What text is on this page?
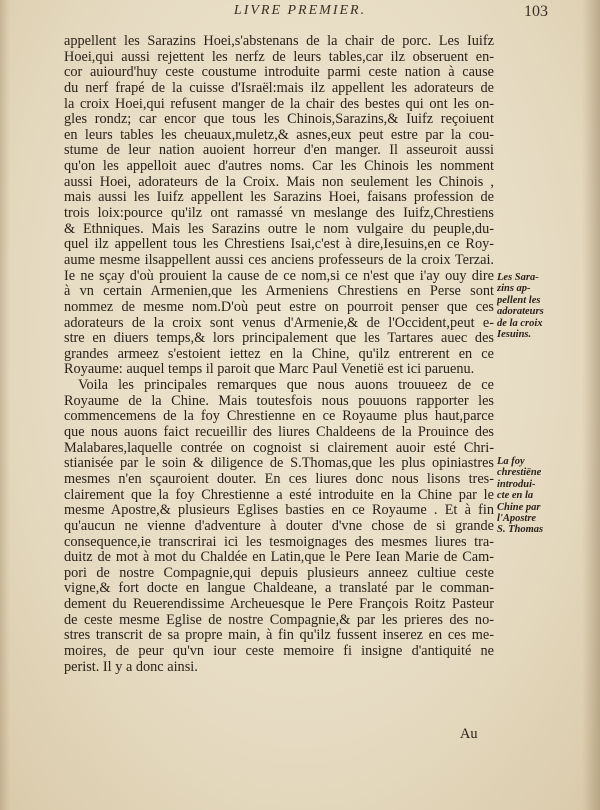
LIVRE PREMIER.	103
appellent les Sarazins Hoei,s'abstenans de la chair de porc. Les Iuifz
Hoei,qui aussi rejettent les nerfz de leurs tables,car ilz obseruent en-
cor auiourd'huy ceste coustume introduite parmi ceste nation à cause
du nerf frapé de la cuisse d'Israël:mais ilz appellent les adorateurs de
la croix Hoei,qui refusent manger de la chair des bestes qui ont les on-
gles rondz; car encor que tous les Chinois,Sarazins,& Iuifz reçoiuent
en leurs tables les cheuaux,muletz,& asnes,eux peut estre par la cou-
stume de leur nation auoient horreur d'en manger. Il asseuroit aussi
qu'on les appelloit auec d'autres noms. Car les Chinois les nomment
aussi Hoei, adorateurs de la Croix. Mais non seulement les Chinois ,
mais aussi les Iuifz appellent les Sarazins Hoei, faisans profession de
trois loix:pource qu'ilz ont ramassé vn meslange des Iuifz,Chrestiens
& Ethniques. Mais les Sarazins outre le nom vulgaire du peuple,du-
quel ilz appellent tous les Chrestiens Isai,c'est à dire,Iesuins,en ce Roy-
aume mesme ilsappellent aussi ces anciens professeurs de la croix Terzai.
Ie ne sçay d'où prouient la cause de ce nom,si ce n'est que i'ay ouy dire
à vn certain Armenien,que les Armeniens Chrestiens en Perse sont
nommez de mesme nom.D'où peut estre on pourroit penser que ces
adorateurs de la croix sont venus d'Armenie,& de l'Occident,peut e-
stre en diuers temps,& lors principalement que les Tartares auec des
grandes armeez s'estoient iettez en la Chine, qu'ilz entrerent en ce
Royaume: auquel temps il paroit que Marc Paul Venetië est ici paruenu.
Voila les principales remarques que nous auons trouueez de ce
Royaume de la Chine. Mais toutesfois nous pouuons rapporter les
commencemens de la foy Chrestienne en ce Royaume plus haut,parce
que nous auons faict recueillir des liures Chaldeens de la Prouince des
Malabares,laquelle contrée on cognoist si clairement auoir esté Chri-
stianisée par le soin & diligence de S.Thomas,que les plus opiniastres
mesmes n'en sçauroient douter. En ces liures donc nous lisons tres-
clairement que la foy Chrestienne a esté introduite en la Chine par le
mesme Apostre,& plusieurs Eglises basties en ce Royaume . Et à fin
qu'aucun ne vienne d'adventure à douter d'vne chose de si grande
consequence,ie transcrirai ici les tesmoignages des mesmes liures tra-
duitz de mot à mot du Chaldée en Latin,que le Pere Iean Marie de Cam-
pori de nostre Compagnie,qui depuis plusieurs anneez cultiue ceste
vigne,& fort docte en langue Chaldeane, a translaté par le comman-
dement du Reuerendissime Archeuesque le Pere François Roitz Pasteur
de ceste mesme Eglise de nostre Compagnie,& par les prieres des no-
stres transcrit de sa propre main, à fin qu'ilz fussent inserez en ces me-
moires, de peur qu'vn iour ceste memoire fi insigne d'antiquité ne
perist. Il y a donc ainsi.
Les Sara-
zins ap-
pellent les
adorateurs
de la croix
Iesuins.
La foy
chrestiëne
introdui-
cte en la
Chine par
l'Apostre
S. Thomas
Au
